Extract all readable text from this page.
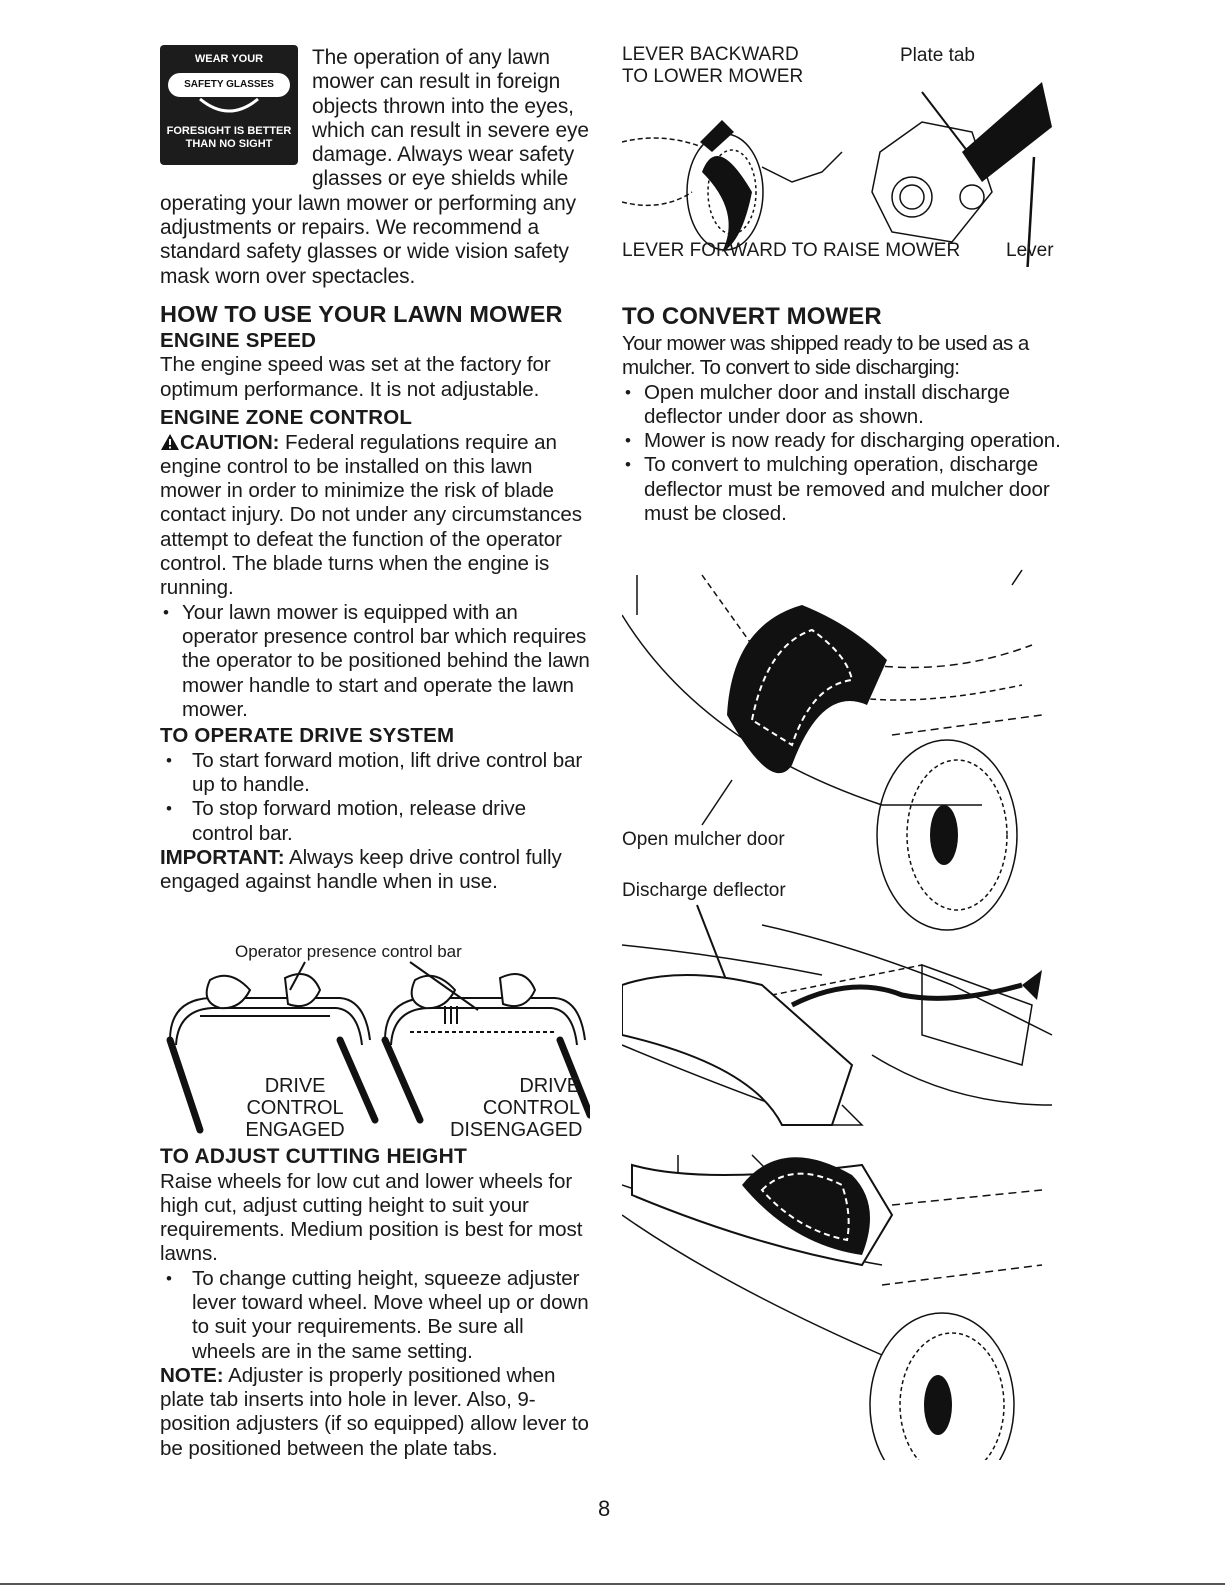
WEAR YOUR
SAFETY GLASSES
FORESIGHT IS BETTER
THAN NO SIGHT

The operation of any lawn mower can result in foreign objects thrown into the eyes, which can result in severe eye damage. Always wear safety glasses or eye shields while operating your lawn mower or performing any adjustments or repairs. We recommend a standard safety glasses or wide vision safety mask worn over spectacles.

HOW TO USE YOUR LAWN MOWER
ENGINE SPEED

The engine speed was set at the factory for optimum performance. It is not adjustable.

ENGINE ZONE CONTROL

CAUTION: Federal regulations require an engine control to be installed on this lawn mower in order to minimize the risk of blade contact injury. Do not under any circumstances attempt to defeat the function of the operator control. The blade turns when the engine is running.

• Your lawn mower is equipped with an operator presence control bar which requires the operator to be positioned behind the lawn mower handle to start and operate the lawn mower.
TO OPERATE DRIVE SYSTEM
• To start forward motion, lift drive control bar up to handle.
• To stop forward motion, release drive control bar.

IMPORTANT: Always keep drive control fully engaged against handle when in use.

Operator presence control bar
DRIVE
CONTROL
ENGAGED
DRIVE
CONTROL
DISENGAGED
TO ADJUST CUTTING HEIGHT

Raise wheels for low cut and lower wheels for high cut, adjust cutting height to suit your requirements. Medium position is best for most lawns.

• To change cutting height, squeeze adjuster lever toward wheel. Move wheel up or down to suit your requirements. Be sure all wheels are in the same setting.

NOTE: Adjuster is properly positioned when plate tab inserts into hole in lever. Also, 9-position adjusters (if so equipped) allow lever to be positioned between the plate tabs.

LEVER BACKWARD
TO LOWER MOWER
Plate tab
LEVER FORWARD TO RAISE MOWER Lever
TO CONVERT MOWER

Your mower was shipped ready to be used as a mulcher. To convert to side discharging:

• Open mulcher door and install discharge deflector under door as shown.
• Mower is now ready for discharging operation.
• To convert to mulching operation, discharge deflector must be removed and mulcher door must be closed.
Open mulcher door
Discharge deflector
8
